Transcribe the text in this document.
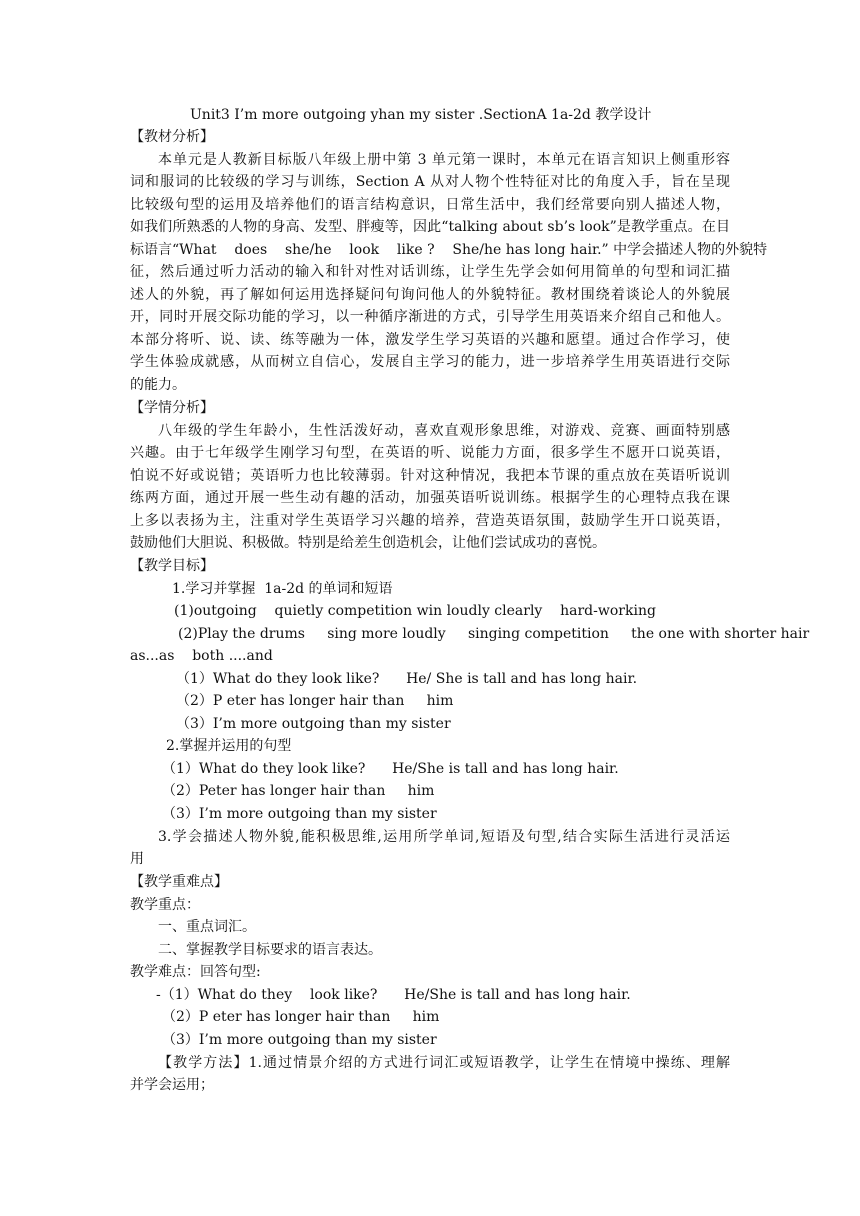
Unit3 I’m more outgoing yhan my sister .SectionA 1a-2d 教学设计
【教材分析】
本单元是人教新目标版八年级上册中第 3 单元第一课时，本单元在语言知识上侧重形容
词和服词的比较级的学习与训练，Section A 从对人物个性特征对比的角度入手，旨在呈现
比较级句型的运用及培养他们的语言结构意识，日常生活中，我们经常要向别人描述人物，
如我们所熟悉的人物的身高、发型、胖瘦等，因此“talking about sb’s look”是教学重点。在目
标语言“What    does    she/he    look    like ?    She/he has long hair.” 中学会描述人物的外貌特
征，然后通过听力活动的输入和针对性对话训练，让学生先学会如何用简单的句型和词汇描
述人的外貌，再了解如何运用选择疑问句询问他人的外貌特征。教材围绕着谈论人的外貌展
开，同时开展交际功能的学习，以一种循序渐进的方式，引导学生用英语来介绍自己和他人。
本部分将听、说、读、练等融为一体，激发学生学习英语的兴趣和愿望。通过合作学习，使
学生体验成就感，从而树立自信心，发展自主学习的能力，进一步培养学生用英语进行交际
的能力。
【学情分析】
八年级的学生年龄小，生性活泼好动，喜欢直观形象思维，对游戏、竞赛、画面特别感
兴趣。由于七年级学生刚学习句型，在英语的听、说能力方面，很多学生不愿开口说英语，
怕说不好或说错；英语听力也比较薄弱。针对这种情况，我把本节课的重点放在英语听说训
练两方面，通过开展一些生动有趣的活动，加强英语听说训练。根据学生的心理特点我在课
上多以表扬为主，注重对学生英语学习兴趣的培养，营造英语氛围，鼓励学生开口说英语，
鼓励他们大胆说、积极做。特别是给差生创造机会，让他们尝试成功的喜悦。
【教学目标】
1.学习并掌握  1a-2d 的单词和短语
(1)outgoing    quietly competition win loudly clearly    hard-working
(2)Play the drums     sing more loudly     singing competition     the one with shorter hair
as...as    both ....and
（1）What do they look like?      He/ She is tall and has long hair.
（2）P eter has longer hair than     him
（3）I’m more outgoing than my sister
2.掌握并运用的句型
（1）What do they look like?      He/She is tall and has long hair.
（2）Peter has longer hair than     him
（3）I’m more outgoing than my sister
3.学会描述人物外貌,能积极思维,运用所学单词,短语及句型,结合实际生活进行灵活运
用
【教学重难点】
教学重点：
一、重点词汇。
二、掌握教学目标要求的语言表达。
教学难点：回答句型:
-（1）What do they    look like?      He/She is tall and has long hair.
（2）P eter has longer hair than     him
（3）I’m more outgoing than my sister
【教学方法】1.通过情景介绍的方式进行词汇或短语教学，让学生在情境中操练、理解
并学会运用；
